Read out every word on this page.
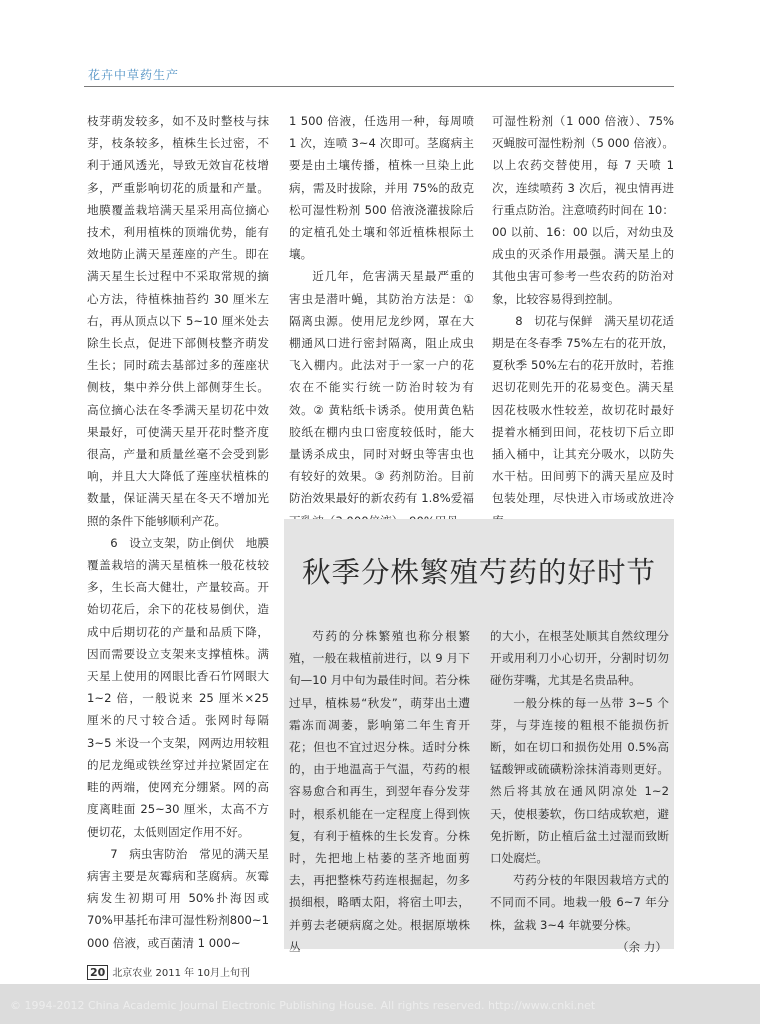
花卉中草药生产

枝芽萌发较多，如不及时整枝与抹芽，枝条较多，植株生长过密，不利于通风透光，导致无效盲花枝增多，严重影响切花的质量和产量。地膜覆盖栽培满天星采用高位摘心技术，利用植株的顶端优势，能有效地防止满天星莲座的产生。即在满天星生长过程中不采取常规的摘心方法，待植株抽苔约 30 厘米左右，再从顶点以下 5~10 厘米处去除生长点，促进下部侧枝整齐萌发生长；同时疏去基部过多的莲座状侧枝，集中养分供上部侧芽生长。高位摘心法在冬季满天星切花中效果最好，可使满天星开花时整齐度很高，产量和质量丝毫不会受到影响，并且大大降低了莲座状植株的数量，保证满天星在冬天不增加光照的条件下能够顺利产花。

6　设立支架，防止倒伏　地膜覆盖栽培的满天星植株一般花枝较多，生长高大健壮，产量较高。开始切花后，余下的花枝易倒伏，造成中后期切花的产量和品质下降，因而需要设立支架来支撑植株。满天星上使用的网眼比香石竹网眼大 1~2 倍，一般说来 25 厘米×25 厘米的尺寸较合适。张网时每隔 3~5 米设一个支架，网两边用较粗的尼龙绳或铁丝穿过并拉紧固定在畦的两端，使网充分绷紧。网的高度离畦面 25~30 厘米，太高不方便切花，太低则固定作用不好。

7　病虫害防治　常见的满天星病害主要是灰霉病和茎腐病。灰霉病发生初期可用 50%扑海因或70%甲基托布津可湿性粉剂800~1 000 倍液，或百菌清 1 000~

1 500 倍液，任选用一种，每周喷 1 次，连喷 3~4 次即可。茎腐病主要是由土壤传播，植株一旦染上此病，需及时拔除，并用 75%的敌克松可湿性粉剂 500 倍液浇灌拔除后的定植孔处土壤和邻近植株根际土壤。

近几年，危害满天星最严重的害虫是潜叶蝇，其防治方法是：① 隔离虫源。使用尼龙纱网，罩在大棚通风口进行密封隔离，阻止成虫飞入棚内。此法对于一家一户的花农在不能实行统一防治时较为有效。② 黄粘纸卡诱杀。使用黄色粘胶纸在棚内虫口密度较低时，能大量诱杀成虫，同时对蚜虫等害虫也有较好的效果。③ 药剂防治。目前防治效果最好的新农药有 1.8%爱福

可湿性粉剂（1 000 倍液）、75%灭蝇胺可湿性粉剂（5 000 倍液）。以上农药交替使用，每 7 天喷 1 次，连续喷药 3 次后，视虫情再进行重点防治。注意喷药时间在 10：00 以前、16：00 以后，对幼虫及成虫的灭杀作用最强。满天星上的其他虫害可参考一些农药的防治对象，比较容易得到控制。

8　切花与保鲜　满天星切花适期是在冬春季 75%左右的花开放，夏秋季 50%左右的花开放时，若推迟切花则先开的花易变色。满天星因花枝吸水性较差，故切花时最好提着水桶到田间，花枝切下后立即插入桶中，让其充分吸水，以防失水干枯。田间剪下的满天星应及时包装处理，尽快进入市场或放进冷

秋季分株繁殖芍药的好时节

芍药的分株繁殖也称分根繁殖，一般在栽植前进行，以 9 月下旬—10 月中旬为最佳时间。若分株过早，植株易“秋发”，萌芽出土遭霜冻而凋萎，影响第二年生育开花；但也不宜过迟分株。适时分株的，由于地温高于气温，芍药的根容易愈合和再生，到翌年春分发芽时，根系机能在一定程度上得到恢复，有利于植株的生长发育。分株时，先把地上枯萎的茎齐地面剪去，再把整株芍药连根掘起，勿多损细根，略晒太阳，将宿土叩去，并剪去老硬病腐之处。根据原墩株丛

的大小，在根茎处顺其自然纹理分开或用利刀小心切开，分割时切勿碰伤芽嘴，尤其是名贵品种。

一般分株的每一丛带 3~5 个芽，与芽连接的粗根不能损伤折断，如在切口和损伤处用 0.5%高锰酸钾或硫磺粉涂抹消毒则更好。然后将其放在通风阴凉处 1~2 天，使根萎软，伤口结成软疤，避免折断，防止植后盆土过湿而致断口处腐烂。

芍药分枝的年限因栽培方式的不同而不同。地栽一般 6~7 年分株，盆栽 3~4 年就要分株。
（余 力）

20 北京农业 2011 年 10月上旬刊
© 1994-2012 China Academic Journal Electronic Publishing House. All rights reserved. http://www.cnki.net
